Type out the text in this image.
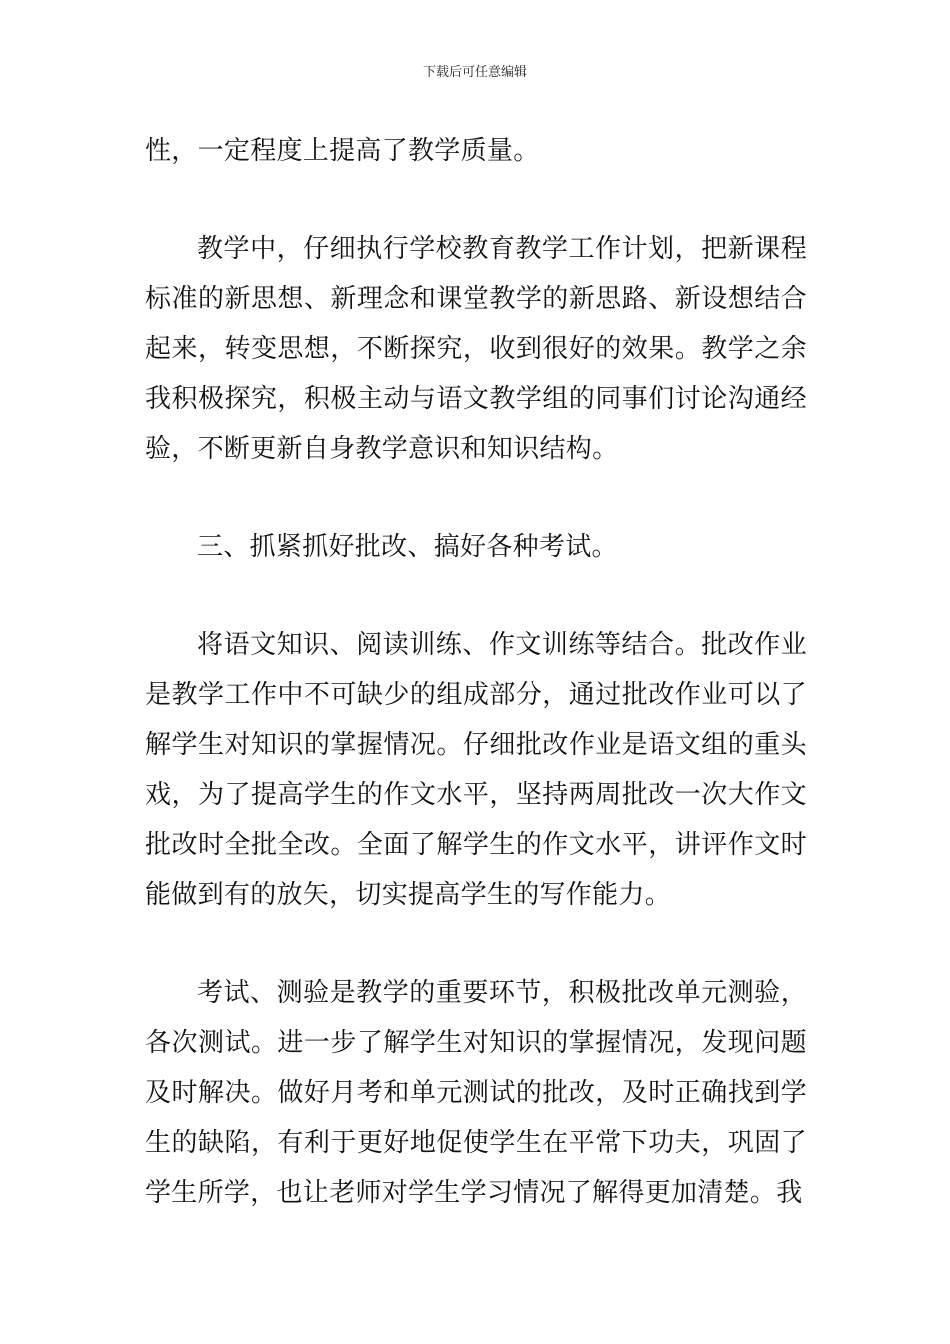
下载后可任意编辑

性，一定程度上提高了教学质量。

教学中，仔细执行学校教育教学工作计划，把新课程标准的新思想、新理念和课堂教学的新思路、新设想结合起来，转变思想，不断探究，收到很好的效果。教学之余我积极探究，积极主动与语文教学组的同事们讨论沟通经验，不断更新自身教学意识和知识结构。

三、抓紧抓好批改、搞好各种考试。

将语文知识、阅读训练、作文训练等结合。批改作业是教学工作中不可缺少的组成部分，通过批改作业可以了解学生对知识的掌握情况。仔细批改作业是语文组的重头戏，为了提高学生的作文水平，坚持两周批改一次大作文批改时全批全改。全面了解学生的作文水平，讲评作文时能做到有的放矢，切实提高学生的写作能力。

考试、测验是教学的重要环节，积极批改单元测验，各次测试。进一步了解学生对知识的掌握情况，发现问题及时解决。做好月考和单元测试的批改，及时正确找到学生的缺陷，有利于更好地促使学生在平常下功夫，巩固了学生所学，也让老师对学生学习情况了解得更加清楚。我
